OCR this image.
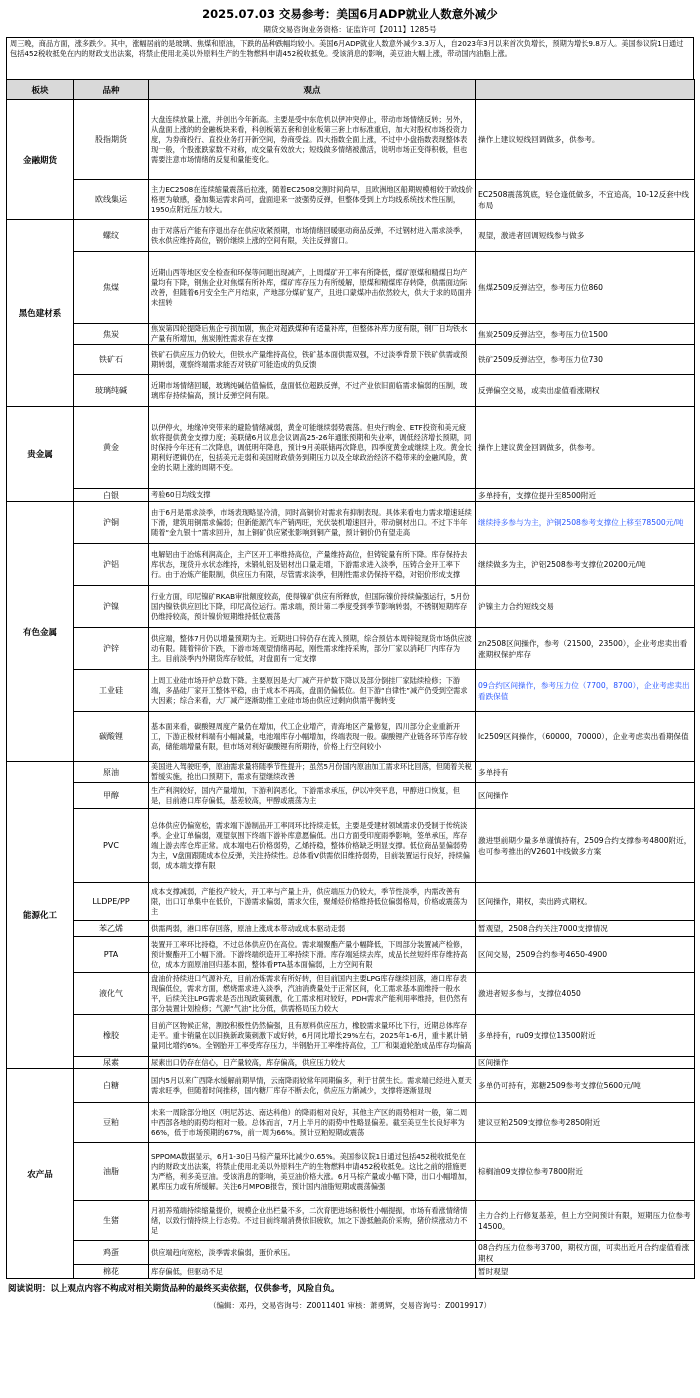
2025.07.03 交易参考：美国6月ADP就业人数意外减少
期货交易咨询业务资格：证监许可【2011】1285号
周三晚，商品方面，涨多跌少。其中，涨幅居前的是玻璃、焦煤和原油，下跌的品种跌幅均较小。美国6月ADP就业人数意外减少3.3万人，自2023年3月以来首次负增长，预期为增长9.8万人。美国参议院1日通过包括452税收抵免在内的财政支出法案，将禁止使用北美以外原料生产的生物燃料申请452税收抵免。受该消息的影响，美豆油大幅上涨，带动国内油脂上涨。
板块	品种	观点	
金融期货	股指期货	大盘连续放量上涨，并创出今年新高。主要是受中东危机以伊冲突停止，带动市场情绪反转；另外，从盘面上涨的的金融板块来看，科创板第五套和创业板第三套上市标准重启，加大对股权市场投资力度，为券商投行、直投业务打开新空间，券商受益。四大指数全面上涨，不过中小盘指数表现整体表现一般，个股涨跌家数不对称，成交量有效放大；短线做多情绪被激活，说明市场正变得积极，但也需要注意市场情绪的反复和量能变化。	操作上建议短线回调做多，供参考。
	欧线集运	主力EC2508在连续缩量震荡后拉涨，随着EC2508交割时间尚早，且欧洲地区船期规模相较于欧线价格更为敏感，叠加集运需求尚可，盘面迎来一波强势反弹，但整体受到上方均线系统技术性压制，1950点附近压力较大。	EC2508震荡筑底，轻仓逢低做多，不宜追高，10-12反套中线布局
黑色建材系	螺纹	由于对落后产能有序退出存在供应收紧预期，市场情绪回暖驱动商品反弹，不过钢材进入需求淡季，铁水供应维持高位，钢价继续上涨的空间有限，关注反弹窗口。	观望，激进者回调短线参与做多
	焦煤	近期山西等地区安全检查和环保等问题出现减产，上周煤矿开工率有所降低，煤矿原煤和精煤日均产量均有下降，钢焦企业对焦煤有所补库，煤矿库存压力有所缓解，原煤和精煤库存转降，供需面边际改善，但随着6月安全生产月结束，产地部分煤矿复产，且进口蒙煤冲击依然较大，供大于求的局面并未扭转	焦煤2509反弹沽空，参考压力位860
	焦炭	焦炭第四轮提降后焦企亏损加剧，焦企对超跌煤种有适量补库，但整体补库力度有限，钢厂日均铁水产量有所增加，焦炭刚性需求存在支撑	焦炭2509反弹沽空，参考压力位1500
	铁矿石	铁矿石供应压力仍较大，但铁水产量维持高位，铁矿基本面供需双强，不过淡季背景下铁矿供需或预期转弱，观察终端需求能否对铁矿可能造成的负反馈	铁矿2509反弹沽空，参考压力位730
	玻璃纯碱	近期市场情绪回暖，玻璃纯碱估值偏低，盘面低位超跌反弹，不过产业依旧面临需求偏弱的压制，玻璃库存持续偏高，预计反弹空间有限。	反弹偏空交易，或卖出虚值看涨期权
贵金属	黄金	以伊停火，地缘冲突带来的避险情绪减弱，黄金可能继续弱势震荡。但央行购金、ETF投资和美元疲软将提供黄金支撑力度；美联储6月议息会议调高25-26年通胀预期和失业率，调低经济增长预期，同时保持今年还有二次降息，调低明年降息，预计9月美联储再次降息，四季度黄金或继续上攻。黄金长期利好逻辑仍在，包括美元走弱和美国财政债务到期压力以及全球政治经济不稳带来的金融风险，黄金的长期上涨的周期不变。	操作上建议黄金回调做多，供参考。
	白银	考验60日均线支撑	多单持有，支撑位提升至8500附近
有色金属	沪铜	由于6月是需求淡季，市场表现略显冷清，同时高铜价对需求有抑制表现。具体来看电力需求增速延续下滑，建筑用铜需求偏弱；但新能源汽车产销两旺，光伏装机增速回升，带动铜材出口。不过下半年随着“金九银十”需求回升，加上铜矿供应紧张影响到铜产量，预计铜价仍有望走高	继续持多参与为主，沪铜2508参考支撑位上移至78500元/吨
	沪铝	电解铝由于冶炼利润高企，主产区开工率维持高位，产量维持高位，但铸锭量有所下降。库存保持去库状态，现货升水状态维持，未锻轧铝及铝材出口量走增，下游需求进入淡季，压铸合金开工率下行。由于冶炼产能限制，供应压力有限，尽管需求淡季，但刚性需求仍保持平稳，对铝价形成支撑	继续做多为主，沪铝2508参考支撑位20200元/吨
	沪镍	行业方面，印尼镍矿RKAB审批额度较高，使得镍矿供应有所释放，但国际镍价持续偏强运行，5月份国内镍铁供应回比下降，印尼高位运行。需求端，预计第二季度受到季节影响转弱，不锈钢短期库存仍维持较高，预计镍价短期维持低位震荡	沪镍主力合约短线交易
	沪锌	供应端，整体7月仍以增量预期为主。近期进口锌仍存在流入预期，综合预估本周锌锭现货市场供应波动有限。随着锌价下跌，下游市场观望情绪再起，刚性需求维持采购，部分厂家以消耗厂内库存为主。目前淡季内外期货库存较低，对盘面有一定支撑	zn2508区间操作，参考（21500，23500），企业考虑卖出看涨期权保护库存
	工业硅	上周工业硅市场开炉总数下降。主要原因是大厂减产开炉数下降以及部分倒挂厂家陆续检修；下游端，多晶硅厂家开工整体平稳，由于成本不再高，盘面仍偏低位。但下游“自律性”减产仍受到空需求大因素；综合来看，大厂减产逐渐助推工业硅市场由供应过剩向供需平衡转变	09合约区间操作，参考压力位（7700，8700），企业考虑卖出看跌保值
	碳酸锂	基本面来看，碳酸锂周度产量仍在增加，代工企业增产，青海地区产量修复，四川部分企业重新开工，下游正极材料端有小幅减量，电池端库存小幅增加，终端表现一般。碳酸锂产业链各环节库存较高，储能端增量有限，但市场对利好碳酸锂有所期待，价格上行空间较小	lc2509区间操作，（60000，70000），企业考虑卖出看期保值
能源化工	原油	美国进入驾驶旺季，原油需求量将随季节性提升；虽然5月份国内原油加工需求环比回落，但随着关税暂缓实施，抢出口预期下，需求有望继续改善	多单持有
	甲醇	生产利润较好，国内产量增加，下游利润恶化，下游需求承压，伊以冲突平息，甲醇进口恢复，但是，目前港口库存偏低，基差较高，甲醇或震荡为主	区间操作
	PVC	总体供应仍偏宽松，需求端下游制品开工率同环比持续走低，主要是受建材领域需求仍受制于传统淡季。企业订单偏弱，观望氛围下终端下游补库意愿偏低。出口方面受印度雨季影响，签单承压，库存端上游去库仓库正常。成本端电石价格弱势，乙烯持稳，整体价格缺乏明显支撑。低位商品显偏弱势为主，V盘面跟随成本位反弹，关注持续性。总体看V供需依旧维持弱势，目前装置运行良好，持续偏弱，成本端支撑有限	激进型前期少量多单谨慎持有，2509合约支撑参考4800附近，也可参考推出的V2601中线做多方案
	LLDPE/PP	成本支撑减弱，产能投产较大，开工率与产量上升，供应端压力仍较大，季节性淡季，内需改善有限，出口订单集中在低价，下游需求偏弱，需求欠佳，聚烯烃价格维持低位偏弱格局，价格或震荡为主	区间操作，期权，卖出跨式期权。
	苯乙烯	供需两弱，港口库存回落，原油上涨成本带动或成本驱动走弱	暂观望，2508合约关注7000支撑情况
	PTA	装置开工率环比持稳，不过总体供应仍在高位。需求端聚酯产量小幅降低，下周部分装置减产检修，预计聚酯开工小幅下滑。下游终端织造开工率持续下滑。库存端延续去库，成品长丝短纤库存维持高位，成本方面原油回归基本面，整体看PTA基本面偏弱，上方空间有限	区间交易，2509合约参考4650-4900
	液化气	盘油价持续进口气源补充，目前冶炼需求有所好转，但目前国内主要LPG库存继续回落，港口库存表现偏低位，需求方面，燃烧需求进入淡季，汽油消费量处于正常区间，化工需求基本面维持一般水平，后续关注LPG需求是否出现政策刺激，化工需求相对较好，PDH需求产能利用率维持，但仍然有部分装置计划检修；气源“气油”比分低，供需格局压力较大	激进者短多参与，支撑位4050
	橡胶	目前产区物候正常，割胶积极性仍然偏强，且有原料供应压力，橡胶需求量环比下行，近期总体库存走平。重卡销量在以旧换新政策刺激下或好转，6月同比增长29%左右，2025年1-6月，重卡累计销量同比增约6%。全钢胎开工率受库存压力，半钢胎开工率维持高位，工厂和渠道轮胎成品库存均偏高	多单持有，ru09支撑位13500附近
	尿素	尿素出口仍存在信心，日产量较高，库存偏高，供应压力较大	区间操作
农产品	白糖	国内5月以来广西降水缓解前期旱情，云南降雨较常年同期偏多，利于甘蔗生长。需求端已经进入夏天需求旺季，但随着时间推移，国内糖厂库存不断去化，供应压力渐减少，支撑将逐渐显现	多单仍可持有，郑糖2509参考支撑位5600元/吨
	豆粕	未来一周除部分地区（明尼苏达、南达科他）的降雨相对良好，其他主产区的雨势相对一般，第二周中西部各地的雨势均相对一般。总体而言，7月上半月的雨势中性略显偏差。截至美豆生长良好率为66%，低于市场预期的67%，前一周为66%。预计豆粕短期或震荡	建议豆粕2509支撑位参考2850附近
	油脂	SPPOMA数据显示，6月1-30日马棕产量环比减少0.65%。美国参议院1日通过包括452税收抵免在内的财政支出法案，将禁止使用北美以外原料生产的生物燃料申请452税收抵免。这比之前的措施更为严格，利多美豆油。受该消息的影响，美豆油价格大涨。6月马棕产量或小幅下降，出口小幅增加，累库压力或有所缓解。关注6月MPOB报告，预计国内油脂短期或震荡偏强	棕榈油09支撑位参考7800附近
	生猪	月初养殖端持续缩量提价，规模企业出栏量不多，二次育肥进场积极性小幅提振，市场有看涨情绪情绪，以致行情持续上行态势。不过目前终端消费依旧疲软，加之下游抵触高价采购，猪价续涨动力不足	主力合约上行修复基差，但上方空间预计有限，短期压力位参考14500。
	鸡蛋	供应端趋向宽松，淡季需求偏弱，蛋价承压。	08合约压力位参考3700，期权方面，可卖出近月合约虚值看涨期权
	棉花	库存偏低，但驱动不足	暂时观望
阅读说明：以上观点内容不构成对相关期货品种的最终买卖依据，仅供参考，风险自负。
（编辑：邓丹，交易咨询号：Z0011401 审核：萧勇辉，交易咨询号：Z0019917）
